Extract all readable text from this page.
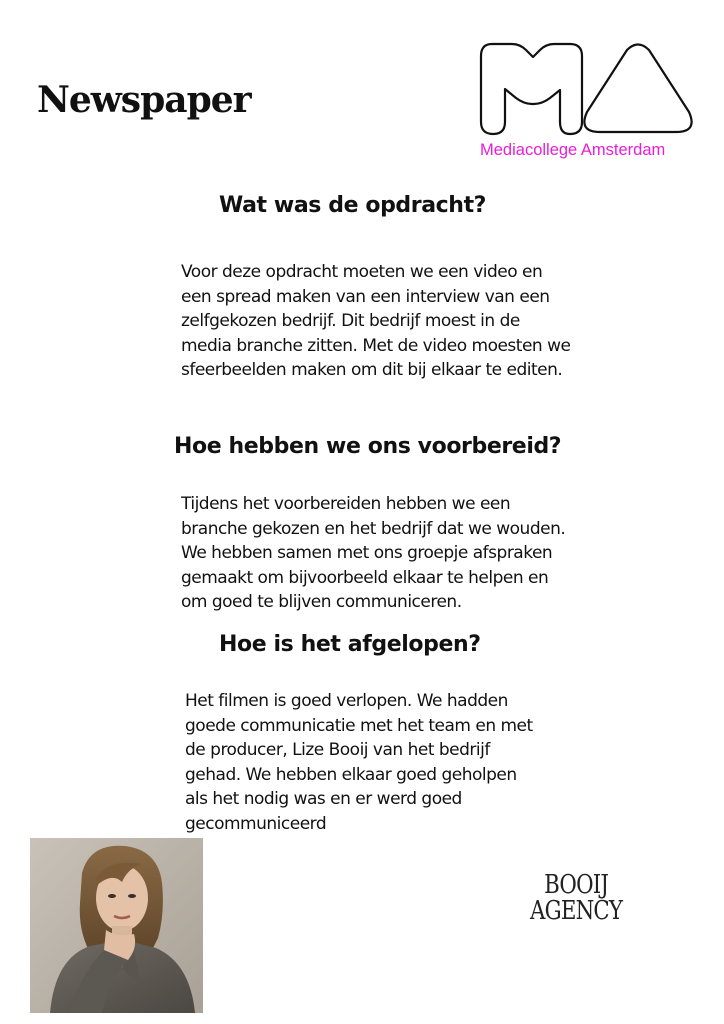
Newspaper

Mediacollege Amsterdam

Wat was de opdracht?
Voor deze opdracht moeten we een video en
een spread maken van een interview van een
zelfgekozen bedrijf. Dit bedrijf moest in de
media branche zitten. Met de video moesten we
sfeerbeelden maken om dit bij elkaar te editen.
Hoe hebben we ons voorbereid?
Tijdens het voorbereiden hebben we een
branche gekozen en het bedrijf dat we wouden.
We hebben samen met ons groepje afspraken
gemaakt om bijvoorbeeld elkaar te helpen en
om goed te blijven communiceren.
Hoe is het afgelopen?
Het filmen is goed verlopen. We hadden
goede communicatie met het team en met
de producer, Lize Booij van het bedrijf
gehad. We hebben elkaar goed geholpen
als het nodig was en er werd goed
gecommuniceerd
BOOIJ
AGENCY
